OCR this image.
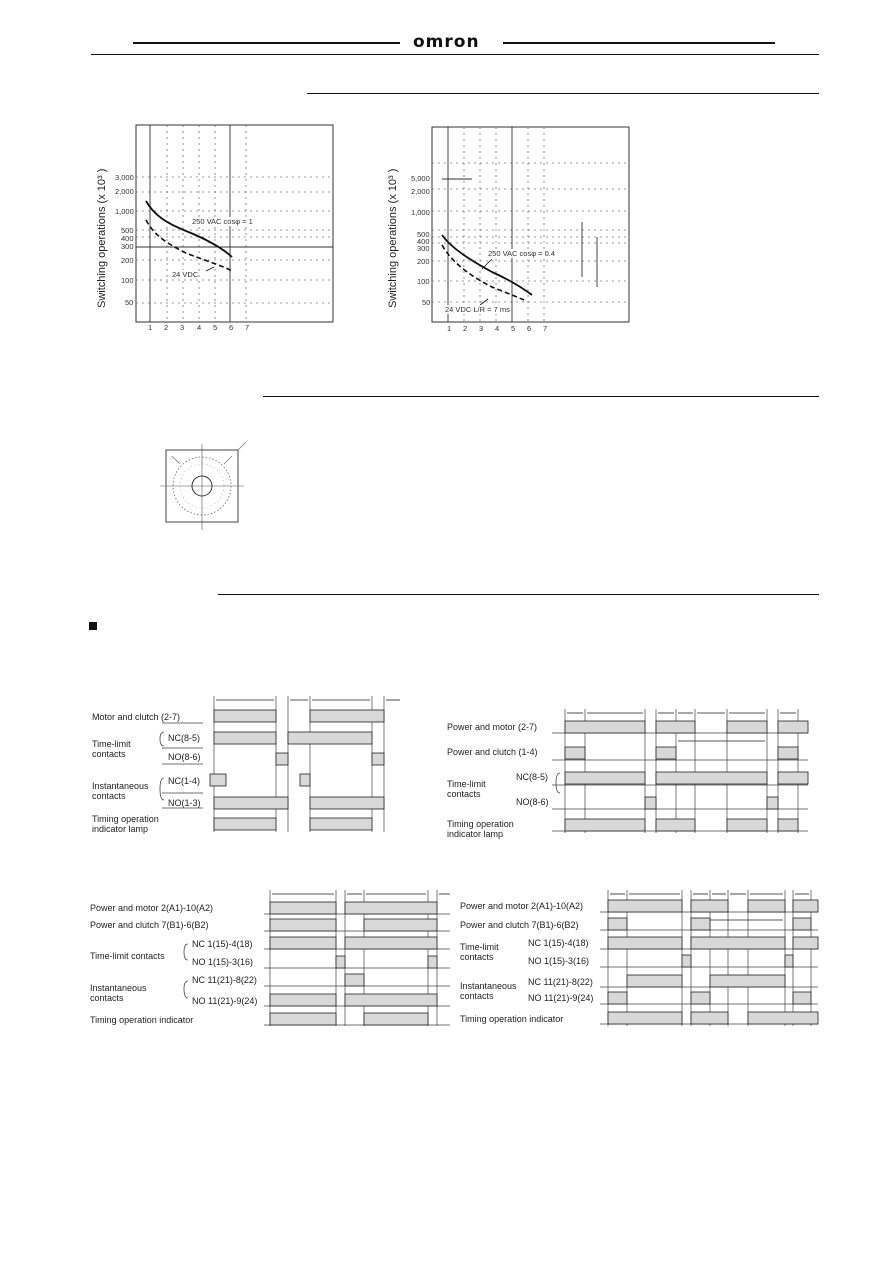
omron
Switching operations (x 10³ ) 3,000
2,000
1,000
500
400
300
200
100
50
1 2 3 4 5 6 7
250 VAC cosφ = 1
24 VDC	Switching operations (x 10³ ) 5,000
2,000
1,000
500
400
300
200
100
50
1 2 3 4 5 6 7
250 VAC cosφ = 0.4
24 VDC L/R = 7 ms
Motor and clutch (2-7)
Time-limit
contacts
NC(8-5)
NO(8-6)
Instantaneous
contacts
NC(1-4)
NO(1-3)
Timing operation
indicator lamp
Power and motor (2-7)
Power and clutch (1-4)
Time-limit
contacts
NC(8-5)
NO(8-6)
Timing operation
indicator lamp
Power and motor 2(A1)-10(A2)
Power and clutch 7(B1)-6(B2)
Time-limit contacts
NC 1(15)-4(18)
NO 1(15)-3(16)
Instantaneous
contacts
NC 11(21)-8(22)
NO 11(21)-9(24)
Timing operation indicator
Power and motor 2(A1)-10(A2)
Power and clutch 7(B1)-6(B2)
Time-limit
contacts
NC 1(15)-4(18)
NO 1(15)-3(16)
Instantaneous
contacts
NC 11(21)-8(22)
NO 11(21)-9(24)
Timing operation indicator
